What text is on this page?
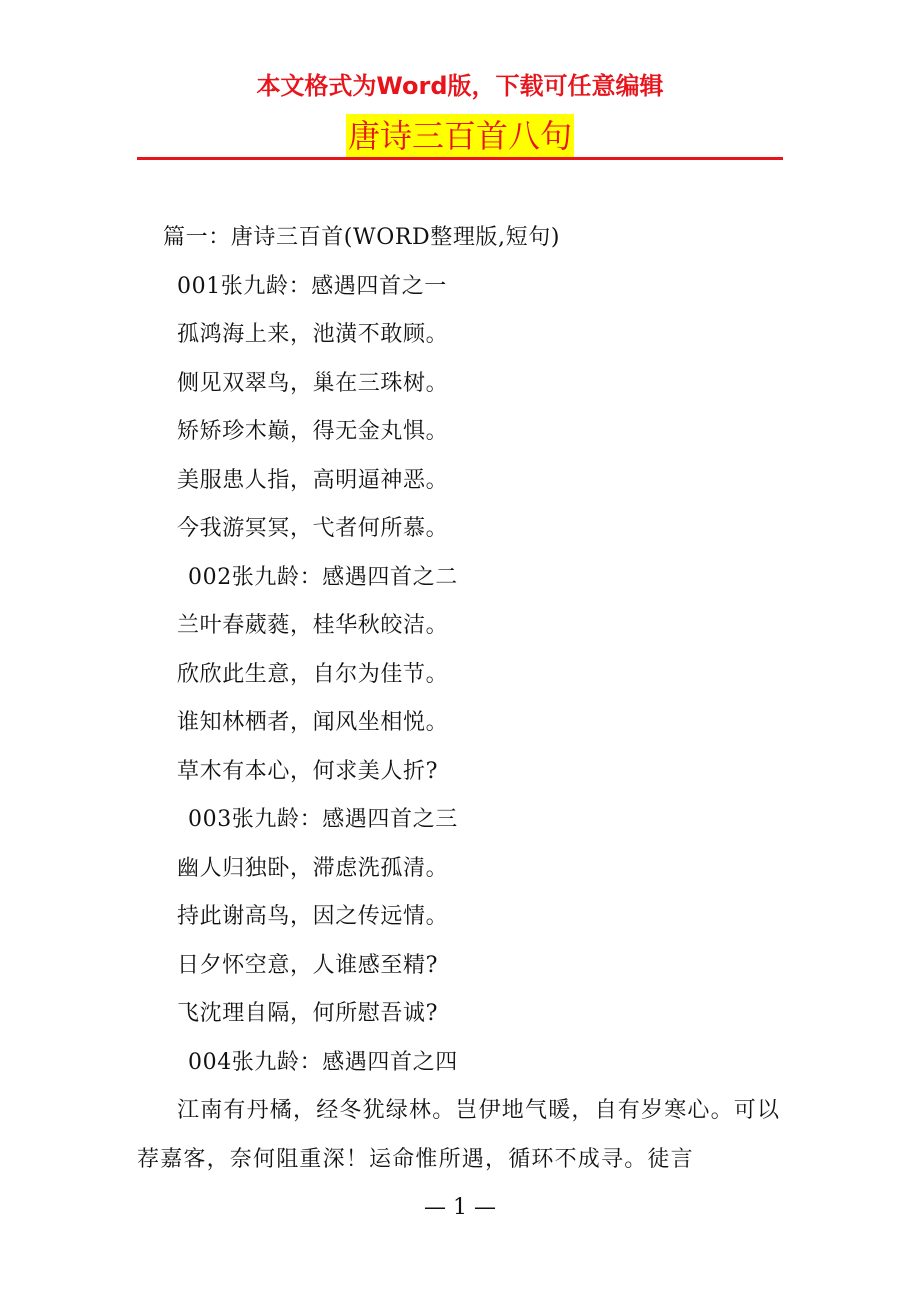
本文格式为Word版，下载可任意编辑
唐诗三百首八句
篇一：唐诗三百首(WORD整理版,短句)
001张九龄：感遇四首之一
孤鸿海上来，池潢不敢顾。
侧见双翠鸟，巢在三珠树。
矫矫珍木巅，得无金丸惧。
美服患人指，高明逼神恶。
今我游冥冥，弋者何所慕。
002张九龄：感遇四首之二
兰叶春葳蕤，桂华秋皎洁。
欣欣此生意，自尔为佳节。
谁知林栖者，闻风坐相悦。
草木有本心，何求美人折?
003张九龄：感遇四首之三
幽人归独卧，滞虑洗孤清。
持此谢高鸟，因之传远情。
日夕怀空意，人谁感至精?
飞沈理自隔，何所慰吾诚?
004张九龄：感遇四首之四
江南有丹橘，经冬犹绿林。岂伊地气暖，自有岁寒心。可以荐嘉客，奈何阻重深！运命惟所遇，循环不成寻。徒言
— 1 —
